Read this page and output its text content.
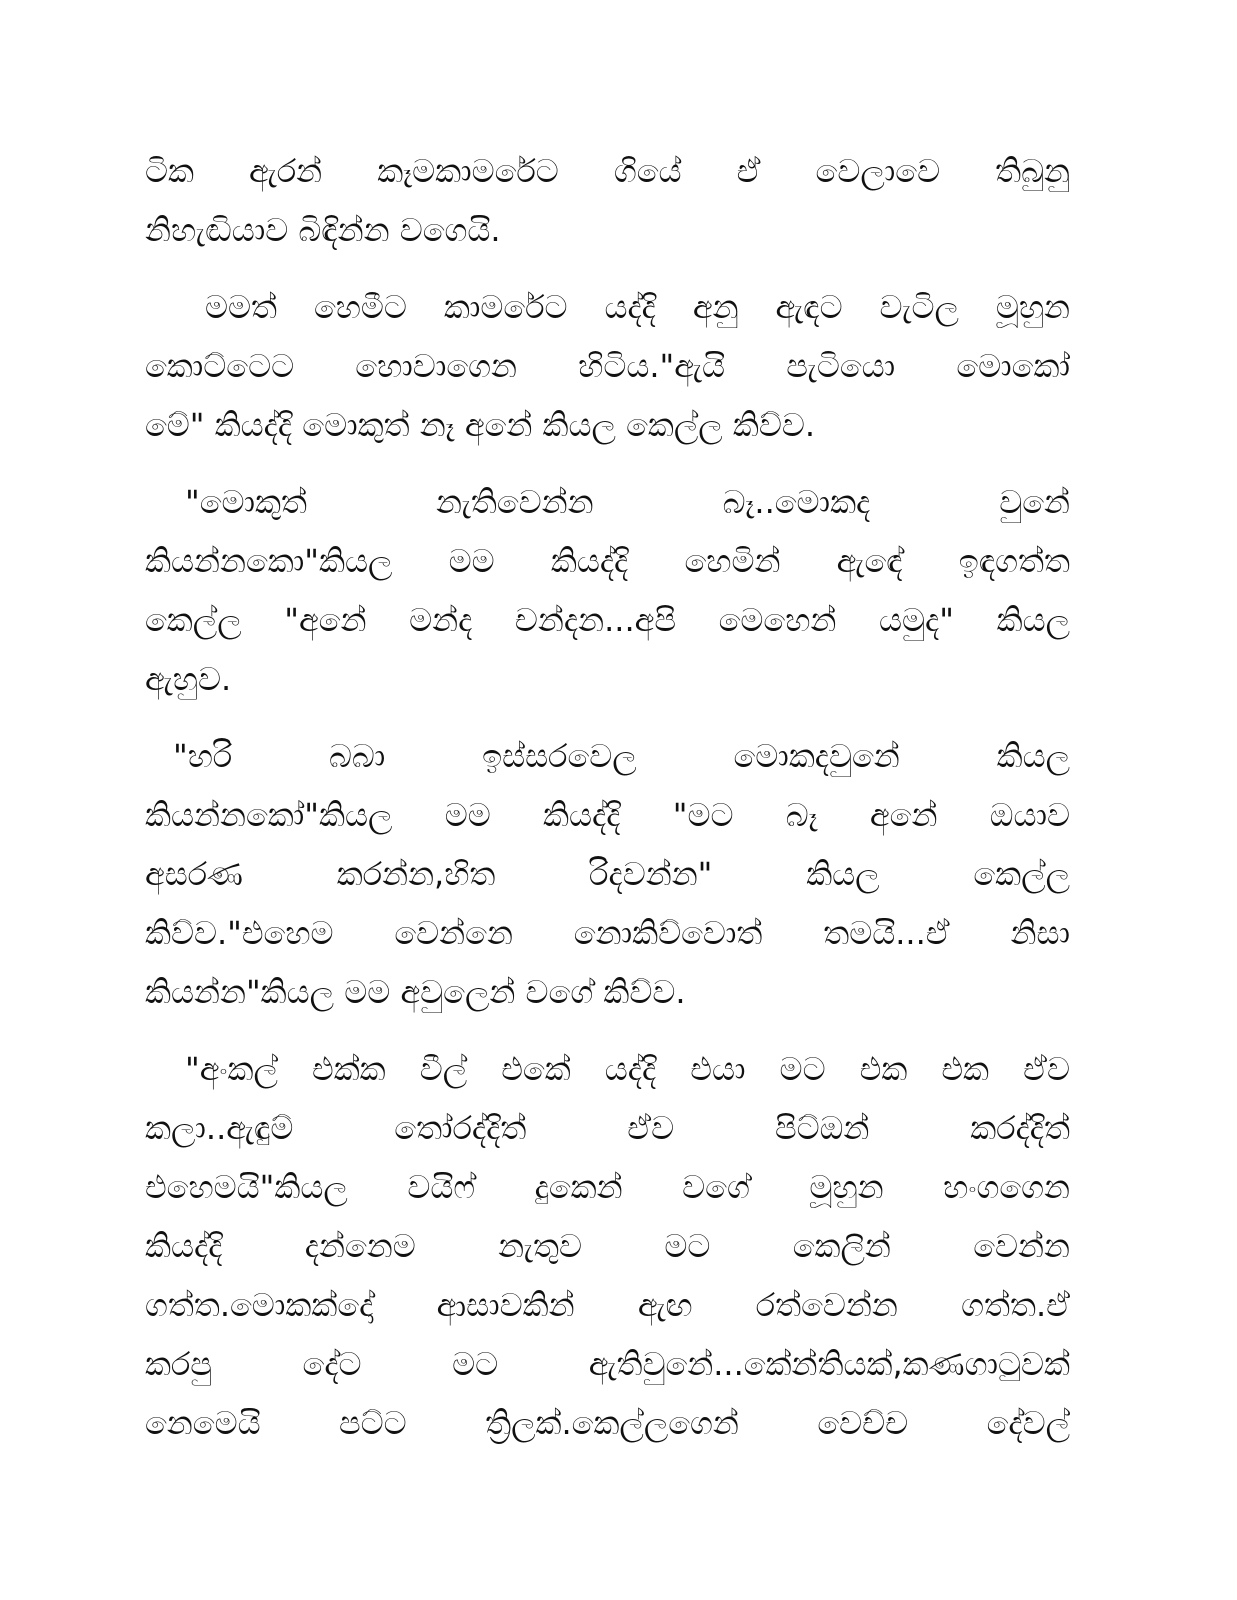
ටික ඇරන් කෑමකාමරේට ගියේ ඒ වෙලාවෙ තිබුනු
නිහැඬියාව බිඳින්න වගෙයි.
මමත් හෙමීට කාමරේට යද්දි අනු ඇඳට වැටිල මූහුන
කොට්ටෙට හොවාගෙන හිටිය."ඇයි පැටියො මොකෝ
මේ" කියද්දි මොකුත් නෑ අනේ කියල කෙල්ල කිව්ව.
"මොකුත් නැතිවෙන්න බෑ..මොකද වුනේ
කියන්නකො"කියල මම කියද්දි හෙමින් ඇඳේ ඉඳගත්ත
කෙල්ල "අනේ මන්ද චන්දන...අපි මෙහෙන් යමුද" කියල
ඇහුව.
"හරි බබා ඉස්සරවෙල මොකදවුනේ කියල
කියන්නකෝ"කියල මම කියද්දි "මට බෑ අනේ ඔයාව
අසරණ කරන්න,හිත රිදවන්න" කියල කෙල්ල
කිව්ව."එහෙම වෙන්නෙ නොකිව්වොත් තමයි...ඒ නිසා
කියන්න"කියල මම අවුලෙන් වගේ කිව්ව.
"අංකල් එක්ක වීල් එකේ යද්දි එයා මට එක එක ඒව
කලා..ඇඳුම් තෝරද්දිත් ඒව පිට්ඔන් කරද්දිත්
එහෙමයි"කියල වයිෆ් දුකෙන් වගේ මූහුන හංගගෙන
කියද්දි දන්නෙම නැතුව මට කෙලින් වෙන්න
ගත්ත.මොකක්දෝ ආසාවකින් ඇඟ රත්වෙන්න ගත්ත.ඒ
කරපු දේට මට ඇතිවුනේ...කේන්තියක්,කණගාටුවක්
නෙමෙයි පට්ට ත්‍රිලක්.කෙල්ලගෙන් වෙච්ච දේවල්
